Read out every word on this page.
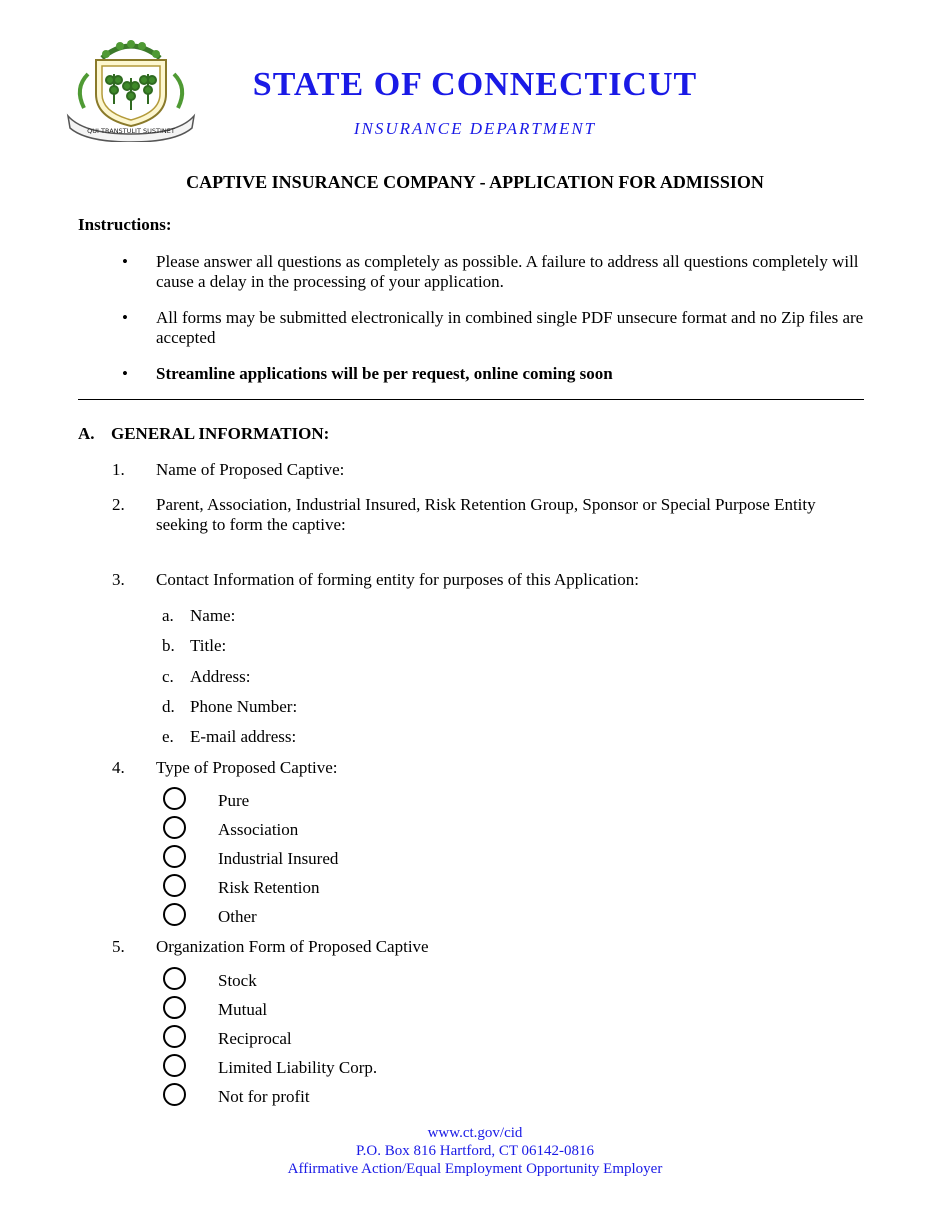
QUI TRANSTULIT SUSTINET
STATE OF CONNECTICUT
INSURANCE DEPARTMENT
CAPTIVE INSURANCE COMPANY - APPLICATION FOR ADMISSION
Instructions:
• Please answer all questions as completely as possible. A failure to address all questions completely will cause a delay in the processing of your application.
• All forms may be submitted electronically in combined single PDF unsecure format and no Zip files are accepted
• Streamline applications will be per request, online coming soon
A. GENERAL INFORMATION:
1. Name of Proposed Captive:
2. Parent, Association, Industrial Insured, Risk Retention Group, Sponsor or Special Purpose Entity seeking to form the captive:
3. Contact Information of forming entity for purposes of this Application:
a. Name:
b. Title:
c. Address:
d. Phone Number:
e. E-mail address:
4. Type of Proposed Captive:
Pure
Association
Industrial Insured
Risk Retention
Other
5. Organization Form of Proposed Captive
Stock
Mutual
Reciprocal
Limited Liability Corp.
Not for profit
www.ct.gov/cid
P.O. Box 816 Hartford, CT 06142-0816
Affirmative Action/Equal Employment Opportunity Employer
